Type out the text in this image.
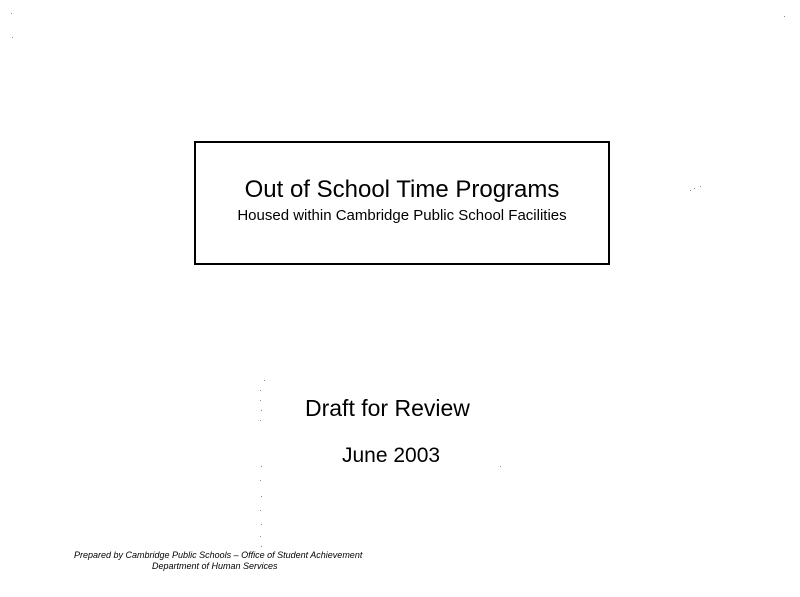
Out of School Time Programs
Housed within Cambridge Public School Facilities
Draft for Review
June 2003
Prepared by Cambridge Public Schools – Office of Student Achievement
Department of Human Services
